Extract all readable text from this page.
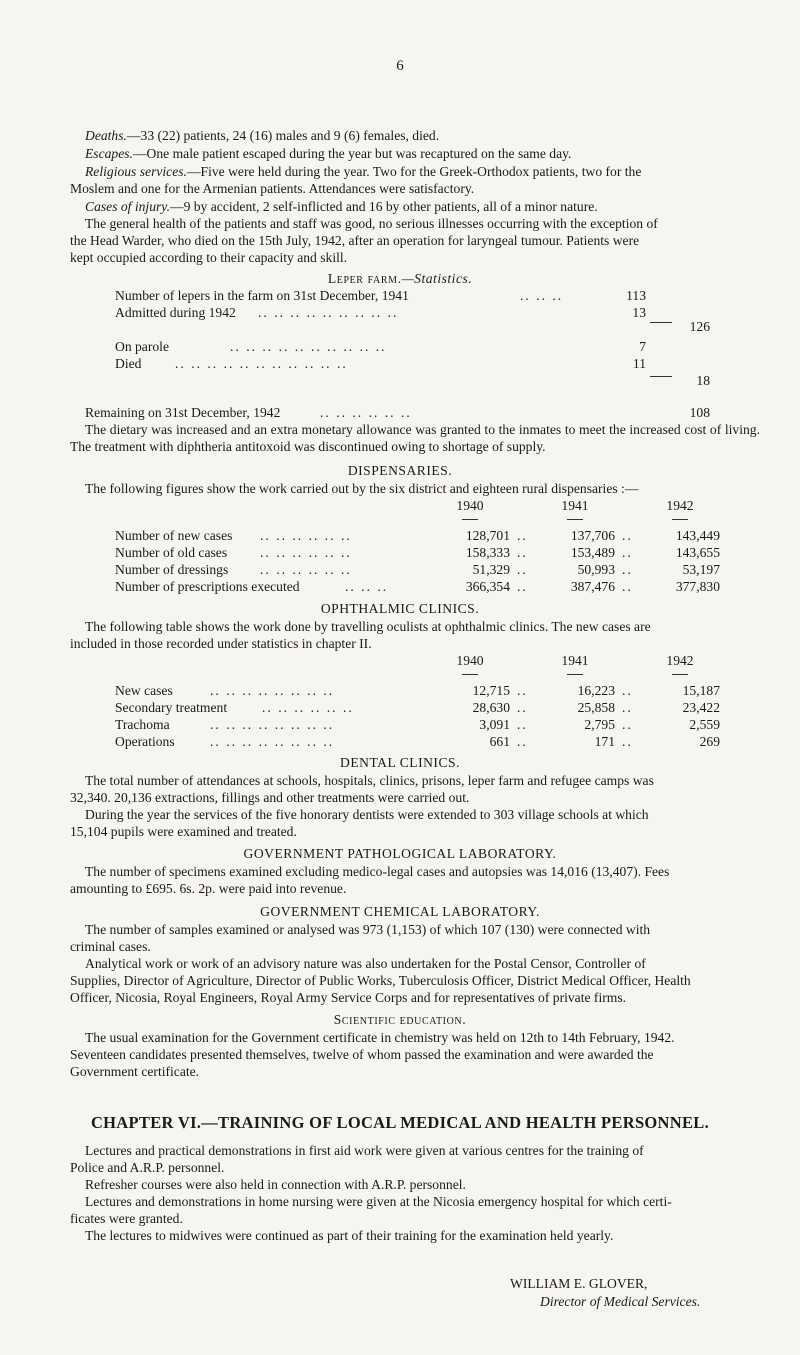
6
Deaths.—33 (22) patients, 24 (16) males and 9 (6) females, died.
Escapes.—One male patient escaped during the year but was recaptured on the same day.
Religious services.—Five were held during the year. Two for the Greek-Orthodox patients, two for the
Moslem and one for the Armenian patients. Attendances were satisfactory.
Cases of injury.—9 by accident, 2 self-inflicted and 16 by other patients, all of a minor nature.
The general health of the patients and staff was good, no serious illnesses occurring with the exception of
the Head Warder, who died on the 15th July, 1942, after an operation for laryngeal tumour. Patients were
kept occupied according to their capacity and skill.
Leper farm.—Statistics.
Number of lepers in the farm on 31st December, 1941	.. .. ..	113
Admitted during 1942 .. .. .. .. .. .. .. .. ..	13
126
On parole	.. .. .. .. .. .. .. .. .. ..	7
Died .. .. .. .. .. .. .. .. .. .. ..	11
18
Remaining on 31st December, 1942	.. .. .. .. .. ..	108
The dietary was increased and an extra monetary allowance was granted to the inmates to meet the increased cost of living. The treatment with diphtheria antitoxoid was discontinued owing to shortage of supply.
DISPENSARIES.
The following figures show the work carried out by the six district and eighteen rural dispensaries :—
1940	1941	1942
Number of new cases .. .. .. .. .. ..	128,701 ..	137,706 ..	143,449
Number of old cases .. .. .. .. .. ..	158,333 ..	153,489 ..	143,655
Number of dressings .. .. .. .. .. ..	51,329 ..	50,993 ..	53,197
Number of prescriptions executed	.. .. ..	366,354 ..	387,476 ..	377,830
OPHTHALMIC CLINICS.
The following table shows the work done by travelling oculists at ophthalmic clinics. The new cases are
included in those recorded under statistics in chapter II.
1940	1941	1942
New cases	.. .. .. .. .. .. .. ..	12,715 ..	16,223 ..	15,187
Secondary treatment	.. .. .. .. .. ..	28,630 ..	25,858 ..	23,422
Trachoma	.. .. .. .. .. .. .. ..	3,091 ..	2,795 ..	2,559
Operations	.. .. .. .. .. .. .. ..	661 ..	171 ..	269
DENTAL CLINICS.
The total number of attendances at schools, hospitals, clinics, prisons, leper farm and refugee camps was
32,340. 20,136 extractions, fillings and other treatments were carried out.
During the year the services of the five honorary dentists were extended to 303 village schools at which
15,104 pupils were examined and treated.
GOVERNMENT PATHOLOGICAL LABORATORY.
The number of specimens examined excluding medico-legal cases and autopsies was 14,016 (13,407). Fees
amounting to £695. 6s. 2p. were paid into revenue.
GOVERNMENT CHEMICAL LABORATORY.
The number of samples examined or analysed was 973 (1,153) of which 107 (130) were connected with
criminal cases.
Analytical work or work of an advisory nature was also undertaken for the Postal Censor, Controller of
Supplies, Director of Agriculture, Director of Public Works, Tuberculosis Officer, District Medical Officer, Health
Officer, Nicosia, Royal Engineers, Royal Army Service Corps and for representatives of private firms.
Scientific education.
The usual examination for the Government certificate in chemistry was held on 12th to 14th February, 1942.
Seventeen candidates presented themselves, twelve of whom passed the examination and were awarded the
Government certificate.
CHAPTER VI.—TRAINING OF LOCAL MEDICAL AND HEALTH PERSONNEL.
Lectures and practical demonstrations in first aid work were given at various centres for the training of
Police and A.R.P. personnel.
Refresher courses were also held in connection with A.R.P. personnel.
Lectures and demonstrations in home nursing were given at the Nicosia emergency hospital for which certi-
ficates were granted.
The lectures to midwives were continued as part of their training for the examination held yearly.
WILLIAM E. GLOVER,
Director of Medical Services.
